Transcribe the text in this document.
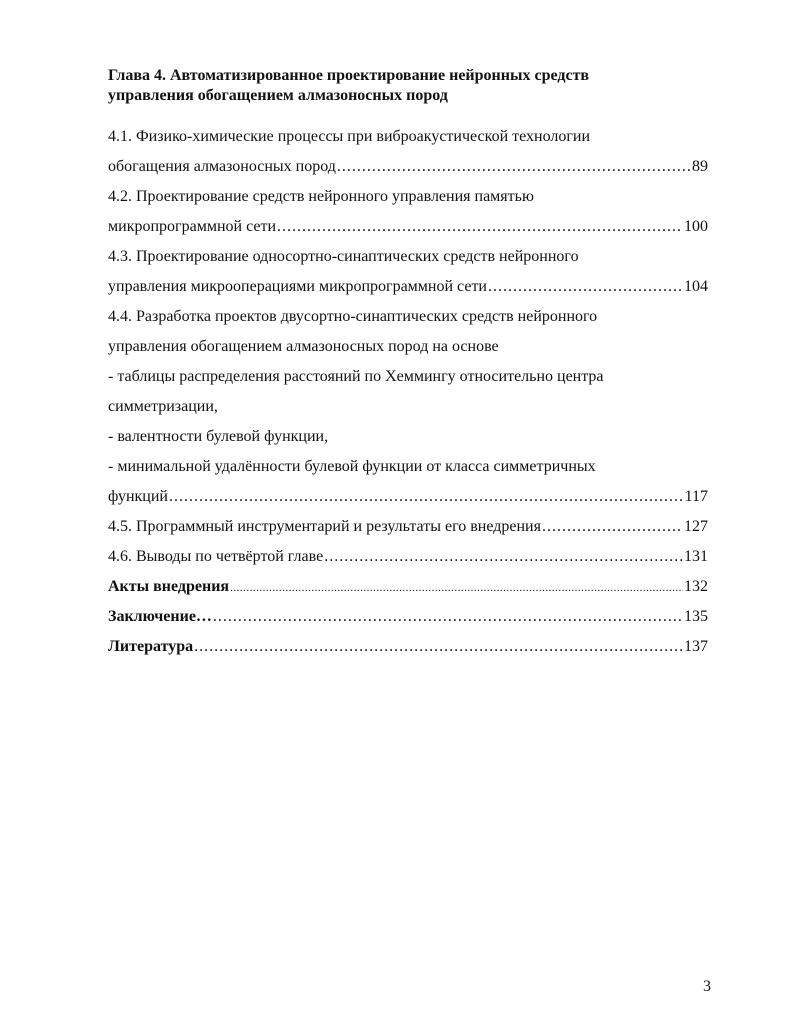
Глава 4. Автоматизированное проектирование нейронных средств
управления обогащением алмазоносных пород
4.1. Физико-химические процессы при виброакустической технологии
обогащения алмазоносных пород .....	89
4.2. Проектирование средств нейронного управления памятью
микропрограммной сети .....	100
4.3. Проектирование односортно-синаптических средств нейронного
управления микрооперациями микропрограммной сети .....	104
4.4. Разработка проектов двусортно-синаптических средств нейронного
управления обогащением алмазоносных пород на основе
- таблицы распределения расстояний по Хеммингу относительно центра
симметризации,
- валентности булевой функции,
- минимальной удалённости булевой функции от класса симметричных
функций .....	117
4.5. Программный инструментарий и результаты его внедрения .....	127
4.6. Выводы по четвёртой главе .....	131
Акты внедрения .....	132
Заключение… .....	135
Литература .....	137
3
